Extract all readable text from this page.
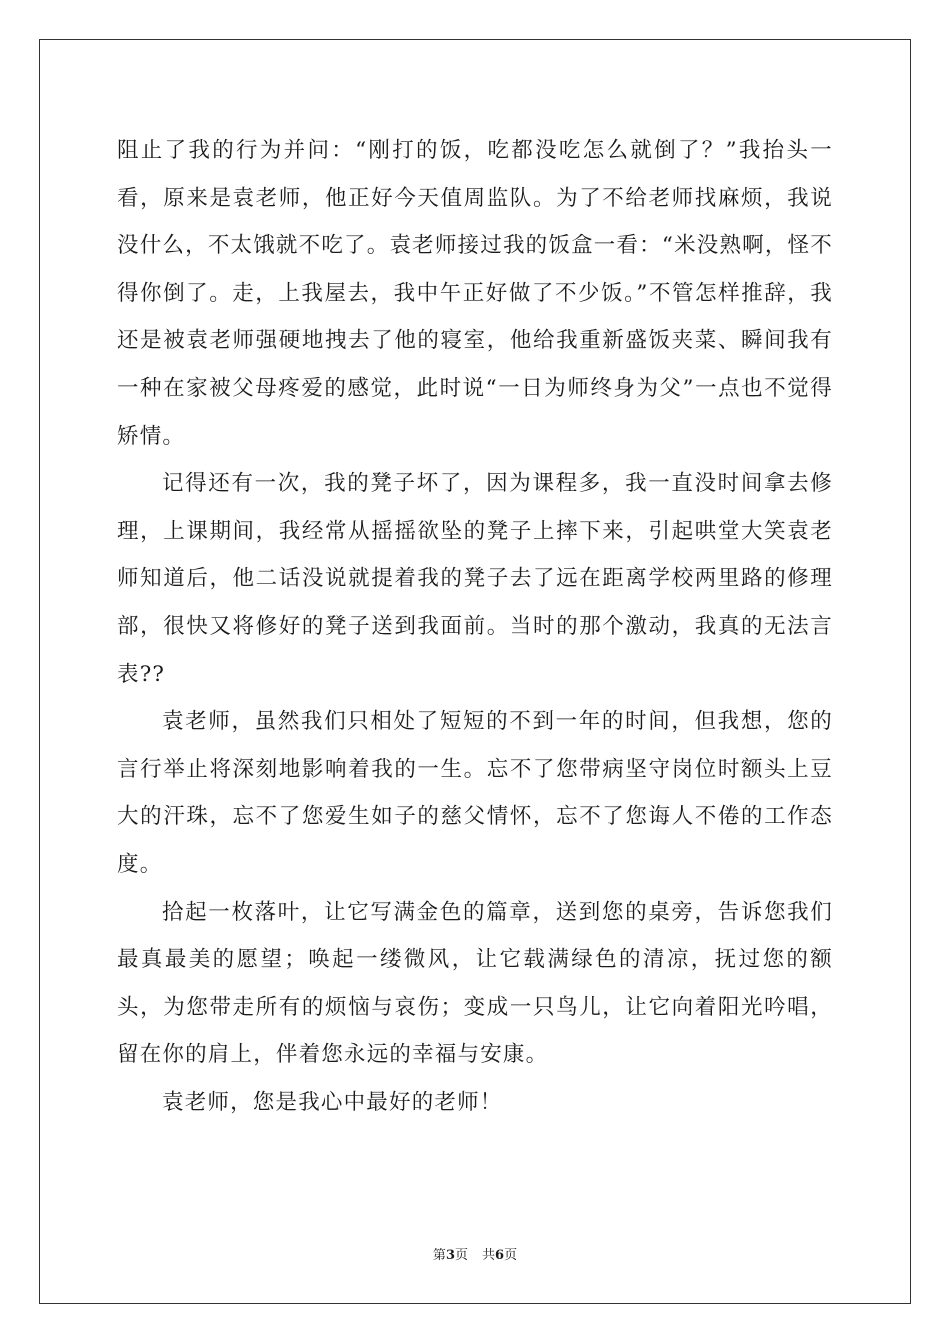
阻止了我的行为并问：“刚打的饭，吃都没吃怎么就倒了？”我抬头一看，原来是袁老师，他正好今天值周监队。为了不给老师找麻烦，我说没什么，不太饿就不吃了。袁老师接过我的饭盒一看：“米没熟啊，怪不得你倒了。走，上我屋去，我中午正好做了不少饭。”不管怎样推辞，我还是被袁老师强硬地拽去了他的寝室，他给我重新盛饭夹菜、瞬间我有一种在家被父母疼爱的感觉，此时说“一日为师终身为父”一点也不觉得矫情。

记得还有一次，我的凳子坏了，因为课程多，我一直没时间拿去修理，上课期间，我经常从摇摇欲坠的凳子上摔下来，引起哄堂大笑袁老师知道后，他二话没说就提着我的凳子去了远在距离学校两里路的修理部，很快又将修好的凳子送到我面前。当时的那个激动，我真的无法言表??

袁老师，虽然我们只相处了短短的不到一年的时间，但我想，您的言行举止将深刻地影响着我的一生。忘不了您带病坚守岗位时额头上豆大的汗珠，忘不了您爱生如子的慈父情怀，忘不了您诲人不倦的工作态度。

拾起一枚落叶，让它写满金色的篇章，送到您的桌旁，告诉您我们最真最美的愿望；唤起一缕微风，让它载满绿色的清凉，抚过您的额头，为您带走所有的烦恼与哀伤；变成一只鸟儿，让它向着阳光吟唱，留在你的肩上，伴着您永远的幸福与安康。

袁老师，您是我心中最好的老师！

第3页 共6页
